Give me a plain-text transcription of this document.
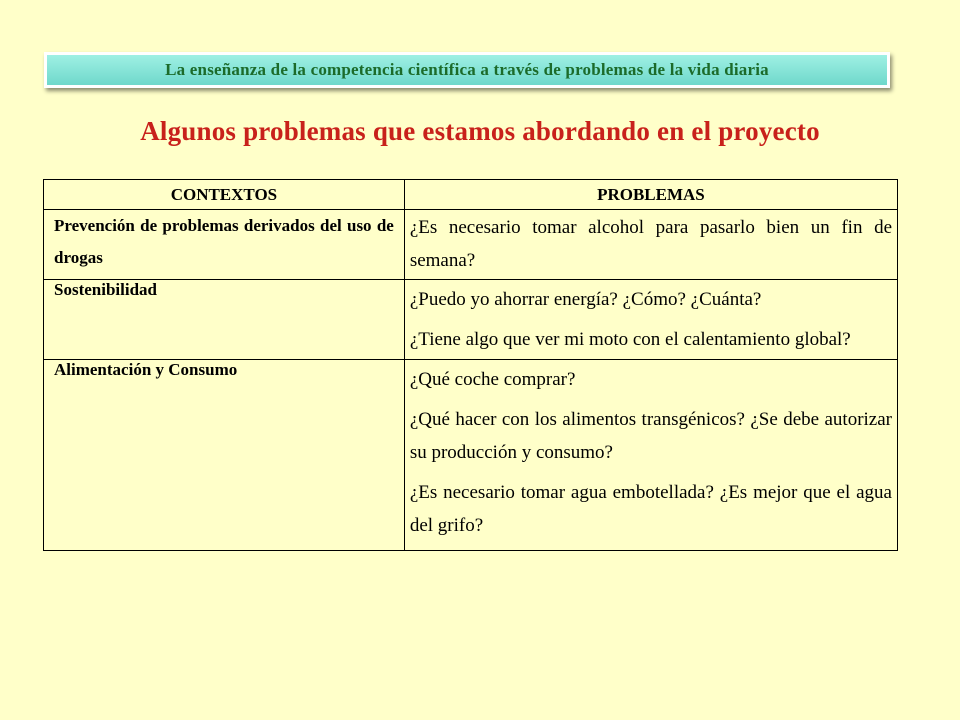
La enseñanza de la competencia científica a través de problemas de la vida diaria
Algunos problemas que estamos abordando en el proyecto
CONTEXTOS	PROBLEMAS
Prevención de problemas derivados del uso de drogas	¿Es necesario tomar alcohol para pasarlo bien un fin de semana?

Sostenibilidad	¿Puedo yo ahorrar energía? ¿Cómo? ¿Cuánta?

¿Tiene algo que ver mi moto con el calentamiento global?

Alimentación y Consumo	¿Qué coche comprar?

¿Qué hacer con los alimentos transgénicos? ¿Se debe autorizar su producción y consumo?

¿Es necesario tomar agua embotellada? ¿Es mejor que el agua del grifo?
